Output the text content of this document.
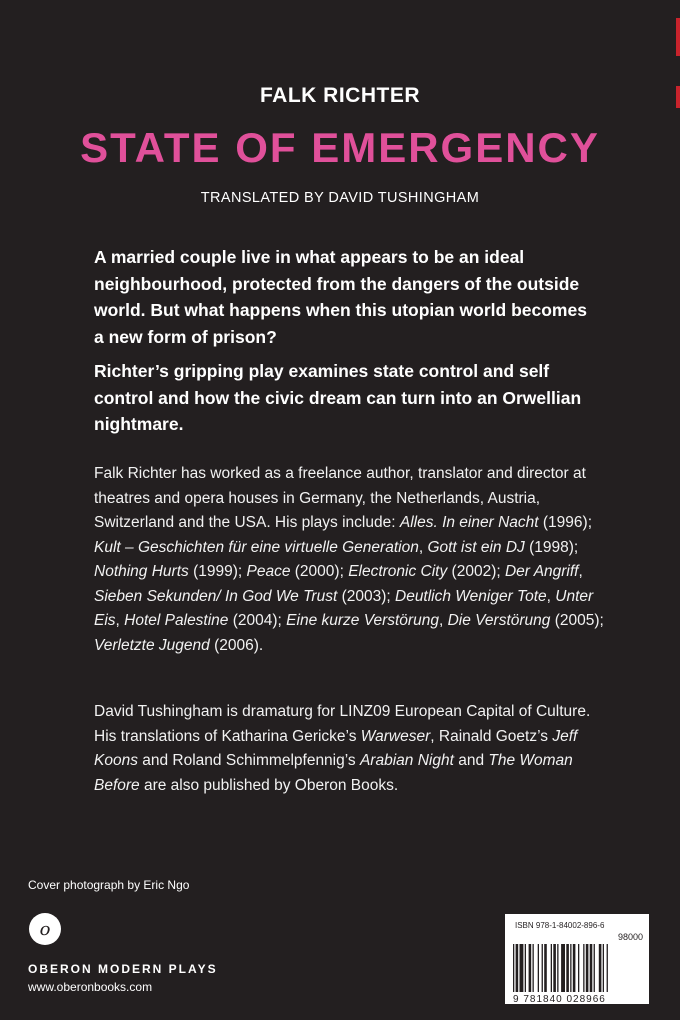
FALK RICHTER
STATE OF EMERGENCY
TRANSLATED BY DAVID TUSHINGHAM

A married couple live in what appears to be an ideal neighbourhood, protected from the dangers of the outside world. But what happens when this utopian world becomes a new form of prison?

Richter’s gripping play examines state control and self control and how the civic dream can turn into an Orwellian nightmare.

Falk Richter has worked as a freelance author, translator and director at theatres and opera houses in Germany, the Netherlands, Austria, Switzerland and the USA. His plays include: Alles. In einer Nacht (1996); Kult – Geschichten für eine virtuelle Generation, Gott ist ein DJ (1998); Nothing Hurts (1999); Peace (2000); Electronic City (2002); Der Angriff, Sieben Sekunden/ In God We Trust (2003); Deutlich Weniger Tote, Unter Eis, Hotel Palestine (2004); Eine kurze Verstörung, Die Verstörung (2005); Verletzte Jugend (2006).

David Tushingham is dramaturg for LINZ09 European Capital of Culture. His translations of Katharina Gericke’s Warweser, Rainald Goetz’s Jeff Koons and Roland Schimmelpfennig’s Arabian Night and The Woman Before are also published by Oberon Books.

Cover photograph by Eric Ngo
o
OBERON MODERN PLAYS
www.oberonbooks.com
ISBN 978-1-84002-896-6
98000
9 781840 028966
